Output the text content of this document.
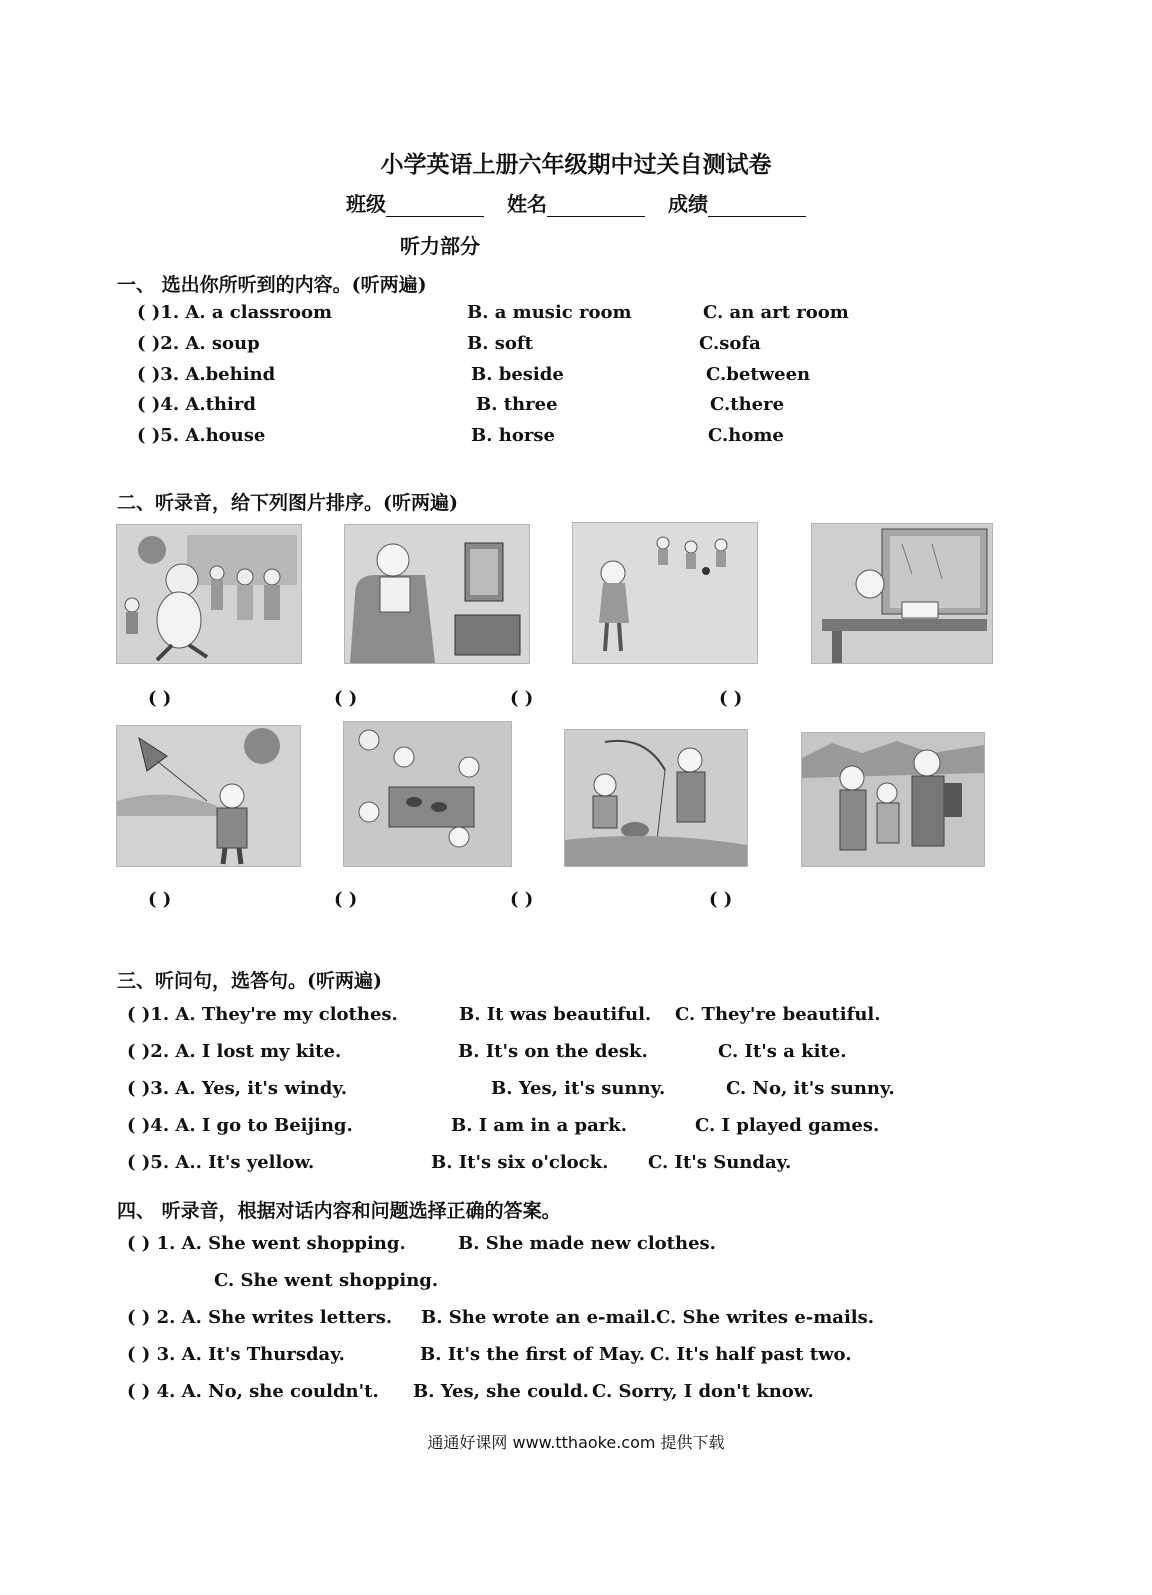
小学英语上册六年级期中过关自测试卷
班级	姓名	成绩
听力部分
一、 选出你所听到的内容。(听两遍)
( )1. A. a classroom	B. a music room	C. an art room
( )2. A. soup	B. soft	C.sofa
( )3. A.behind	B. beside	C.between
( )4. A.third	B. three	C.there
( )5. A.house	B. horse	C.home
二、听录音，给下列图片排序。(听两遍)
( )	( )	( )	( )
( )	( )	( )	( )
三、听问句，选答句。(听两遍)
( )1. A. They're my clothes.	B. It was beautiful. C. They're beautiful.
( )2. A. I lost my kite.	B. It's on the desk.	C. It's a kite.
( )3. A. Yes, it's windy.	B. Yes, it's sunny.	C. No, it's sunny.
( )4. A. I go to Beijing.	B. I am in a park.	C. I played games.
( )5. A.. It's yellow.	B. It's six o'clock. C. It's Sunday.
四、 听录音，根据对话内容和问题选择正确的答案。
( ) 1. A. She went shopping.	B. She made new clothes.
C. She went shopping.
( ) 2. A. She writes letters. B. She wrote an e-mail. C. She writes e-mails.
( ) 3. A. It's Thursday.	B. It's the first of May. C. It's half past two.
( ) 4. A. No, she couldn't. B. Yes, she could. C. Sorry, I don't know.
通通好课网 www.tthaoke.com 提供下载
